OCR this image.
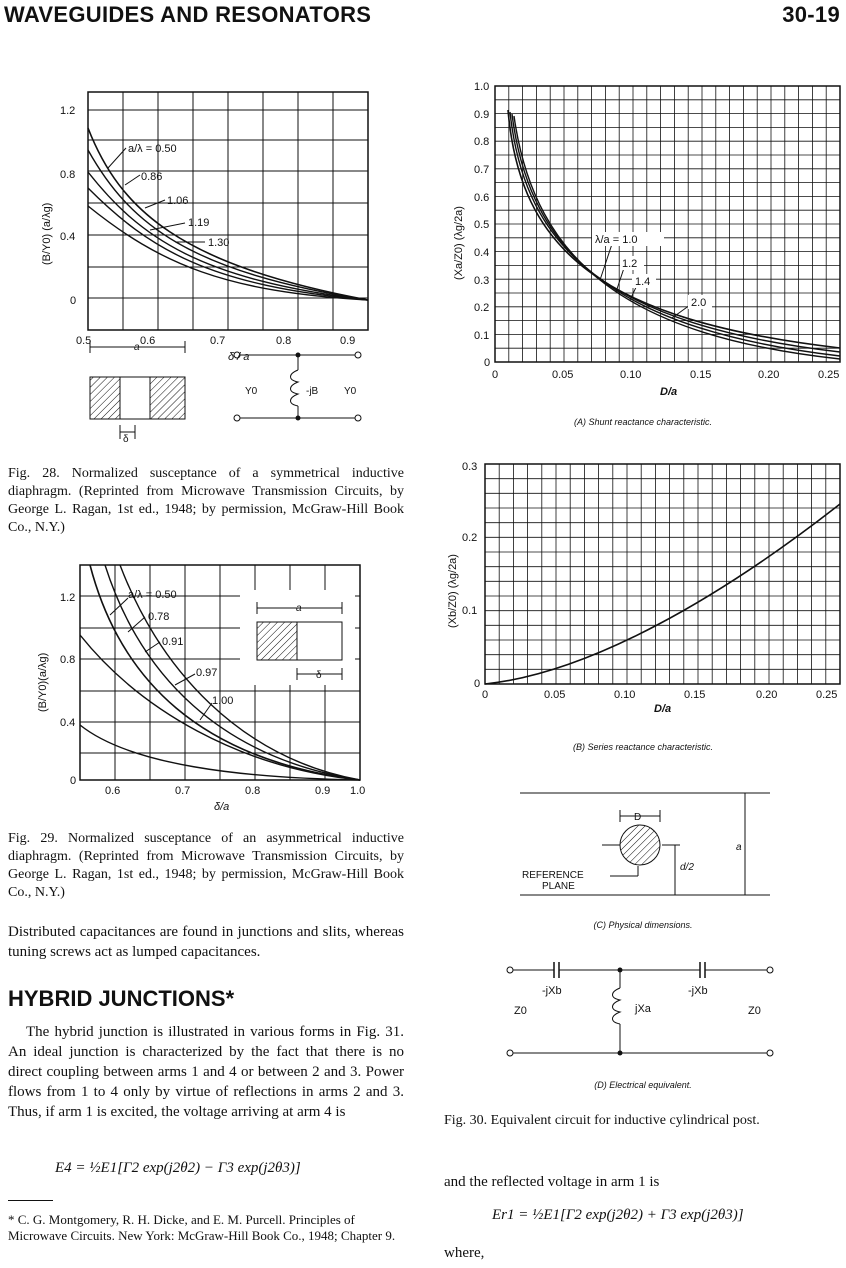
WAVEGUIDES AND RESONATORS	30-19
a/λ = 0.50
0.86
1.06
1.19
1.30
0
0.4
0.8
1.2
0.5	0.6	0.7	0.8	0.9
δ / a
(B/Y0) (a/λg)
a
δ
Y0	-jB	Y0
Fig. 28. Normalized susceptance of a symmetrical inductive diaphragm. (Reprinted from Microwave Transmission Circuits, by George L. Ragan, 1st ed., 1948; by permission, McGraw-Hill Book Co., N.Y.)
a/λ = 0.50
0.78
0.91
0.97
1.00
0
0.4
0.8
1.2
0.6	0.7	0.8	0.9 1.0
δ/a
(B/Y0)(a/λg)
a
δ
Fig. 29. Normalized susceptance of an asymmetrical inductive diaphragm. (Reprinted from Microwave Transmission Circuits, by George L. Ragan, 1st ed., 1948; by permission, McGraw-Hill Book Co., N.Y.)
Distributed capacitances are found in junctions and slits, whereas tuning screws act as lumped capacitances.
HYBRID JUNCTIONS*
The hybrid junction is illustrated in various forms in Fig. 31. An ideal junction is characterized by the fact that there is no direct coupling between arms 1 and 4 or between 2 and 3. Power flows from 1 to 4 only by virtue of reflections in arms 2 and 3. Thus, if arm 1 is excited, the voltage arriving at arm 4 is
E4 = ½E1[Γ2 exp(j2θ2) − Γ3 exp(j2θ3)]
* C. G. Montgomery, R. H. Dicke, and E. M. Purcell. Principles of Microwave Circuits. New York: McGraw-Hill Book Co., 1948; Chapter 9.
λ/a = 1.0
1.2
1.4
2.0
0
0.1
0.2
0.3
0.4
0.5
0.6
0.7
0.8
0.9
1.0
0	0.05	0.10	0.15	0.20	0.25
D/a
(Xa/Z0) (λg/2a)
(A) Shunt reactance characteristic.
0
0.1
0.2
0.3
0	0.05	0.10	0.15	0.20	0.25
D/a
(Xb/Z0) (λg/2a)
(B) Series reactance characteristic.
D
a
d/2
REFERENCE
PLANE
(C) Physical dimensions.
-jXb	-jXb
jXa
Z0	Z0
(D) Electrical equivalent.
Fig. 30. Equivalent circuit for inductive cylindrical post.
and the reflected voltage in arm 1 is
Er1 = ½E1[Γ2 exp(j2θ2) + Γ3 exp(j2θ3)]
where,
